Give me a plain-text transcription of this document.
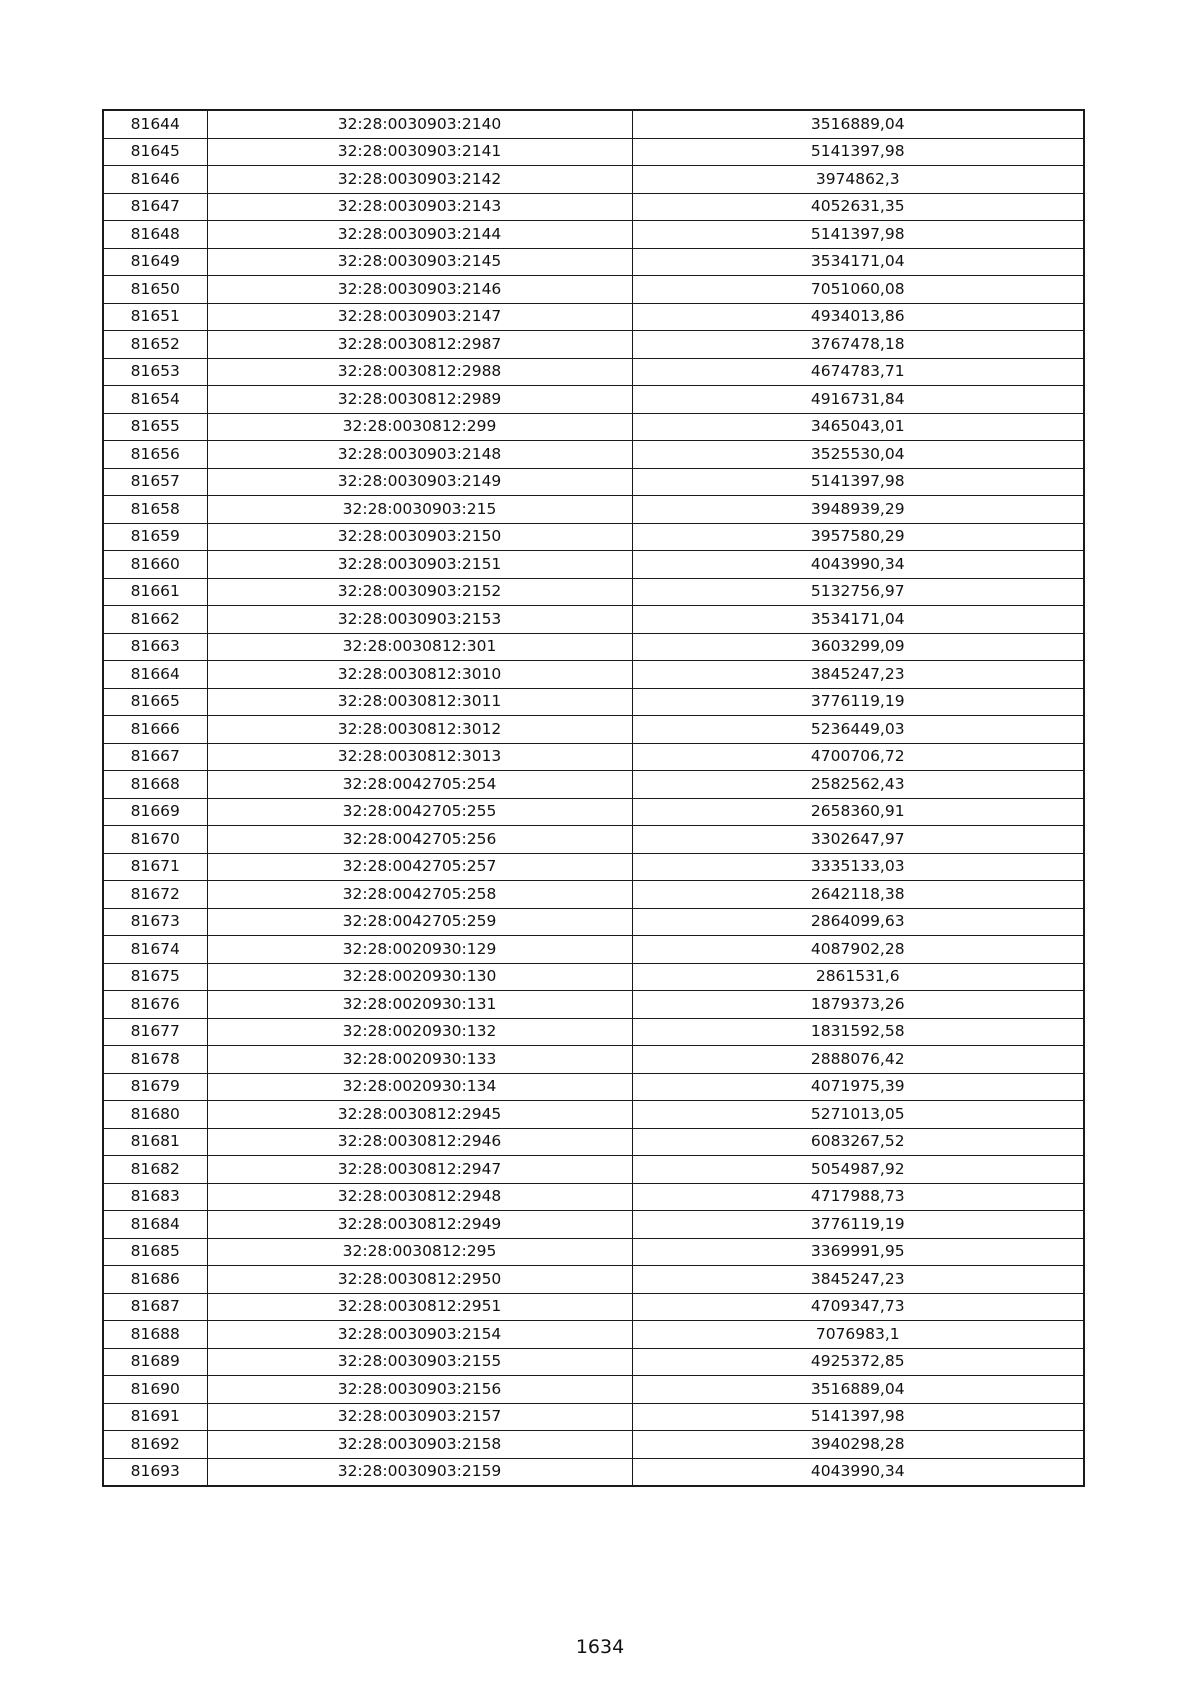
81644	32:28:0030903:2140	3516889,04
81645	32:28:0030903:2141	5141397,98
81646	32:28:0030903:2142	3974862,3
81647	32:28:0030903:2143	4052631,35
81648	32:28:0030903:2144	5141397,98
81649	32:28:0030903:2145	3534171,04
81650	32:28:0030903:2146	7051060,08
81651	32:28:0030903:2147	4934013,86
81652	32:28:0030812:2987	3767478,18
81653	32:28:0030812:2988	4674783,71
81654	32:28:0030812:2989	4916731,84
81655	32:28:0030812:299	3465043,01
81656	32:28:0030903:2148	3525530,04
81657	32:28:0030903:2149	5141397,98
81658	32:28:0030903:215	3948939,29
81659	32:28:0030903:2150	3957580,29
81660	32:28:0030903:2151	4043990,34
81661	32:28:0030903:2152	5132756,97
81662	32:28:0030903:2153	3534171,04
81663	32:28:0030812:301	3603299,09
81664	32:28:0030812:3010	3845247,23
81665	32:28:0030812:3011	3776119,19
81666	32:28:0030812:3012	5236449,03
81667	32:28:0030812:3013	4700706,72
81668	32:28:0042705:254	2582562,43
81669	32:28:0042705:255	2658360,91
81670	32:28:0042705:256	3302647,97
81671	32:28:0042705:257	3335133,03
81672	32:28:0042705:258	2642118,38
81673	32:28:0042705:259	2864099,63
81674	32:28:0020930:129	4087902,28
81675	32:28:0020930:130	2861531,6
81676	32:28:0020930:131	1879373,26
81677	32:28:0020930:132	1831592,58
81678	32:28:0020930:133	2888076,42
81679	32:28:0020930:134	4071975,39
81680	32:28:0030812:2945	5271013,05
81681	32:28:0030812:2946	6083267,52
81682	32:28:0030812:2947	5054987,92
81683	32:28:0030812:2948	4717988,73
81684	32:28:0030812:2949	3776119,19
81685	32:28:0030812:295	3369991,95
81686	32:28:0030812:2950	3845247,23
81687	32:28:0030812:2951	4709347,73
81688	32:28:0030903:2154	7076983,1
81689	32:28:0030903:2155	4925372,85
81690	32:28:0030903:2156	3516889,04
81691	32:28:0030903:2157	5141397,98
81692	32:28:0030903:2158	3940298,28
81693	32:28:0030903:2159	4043990,34
1634
